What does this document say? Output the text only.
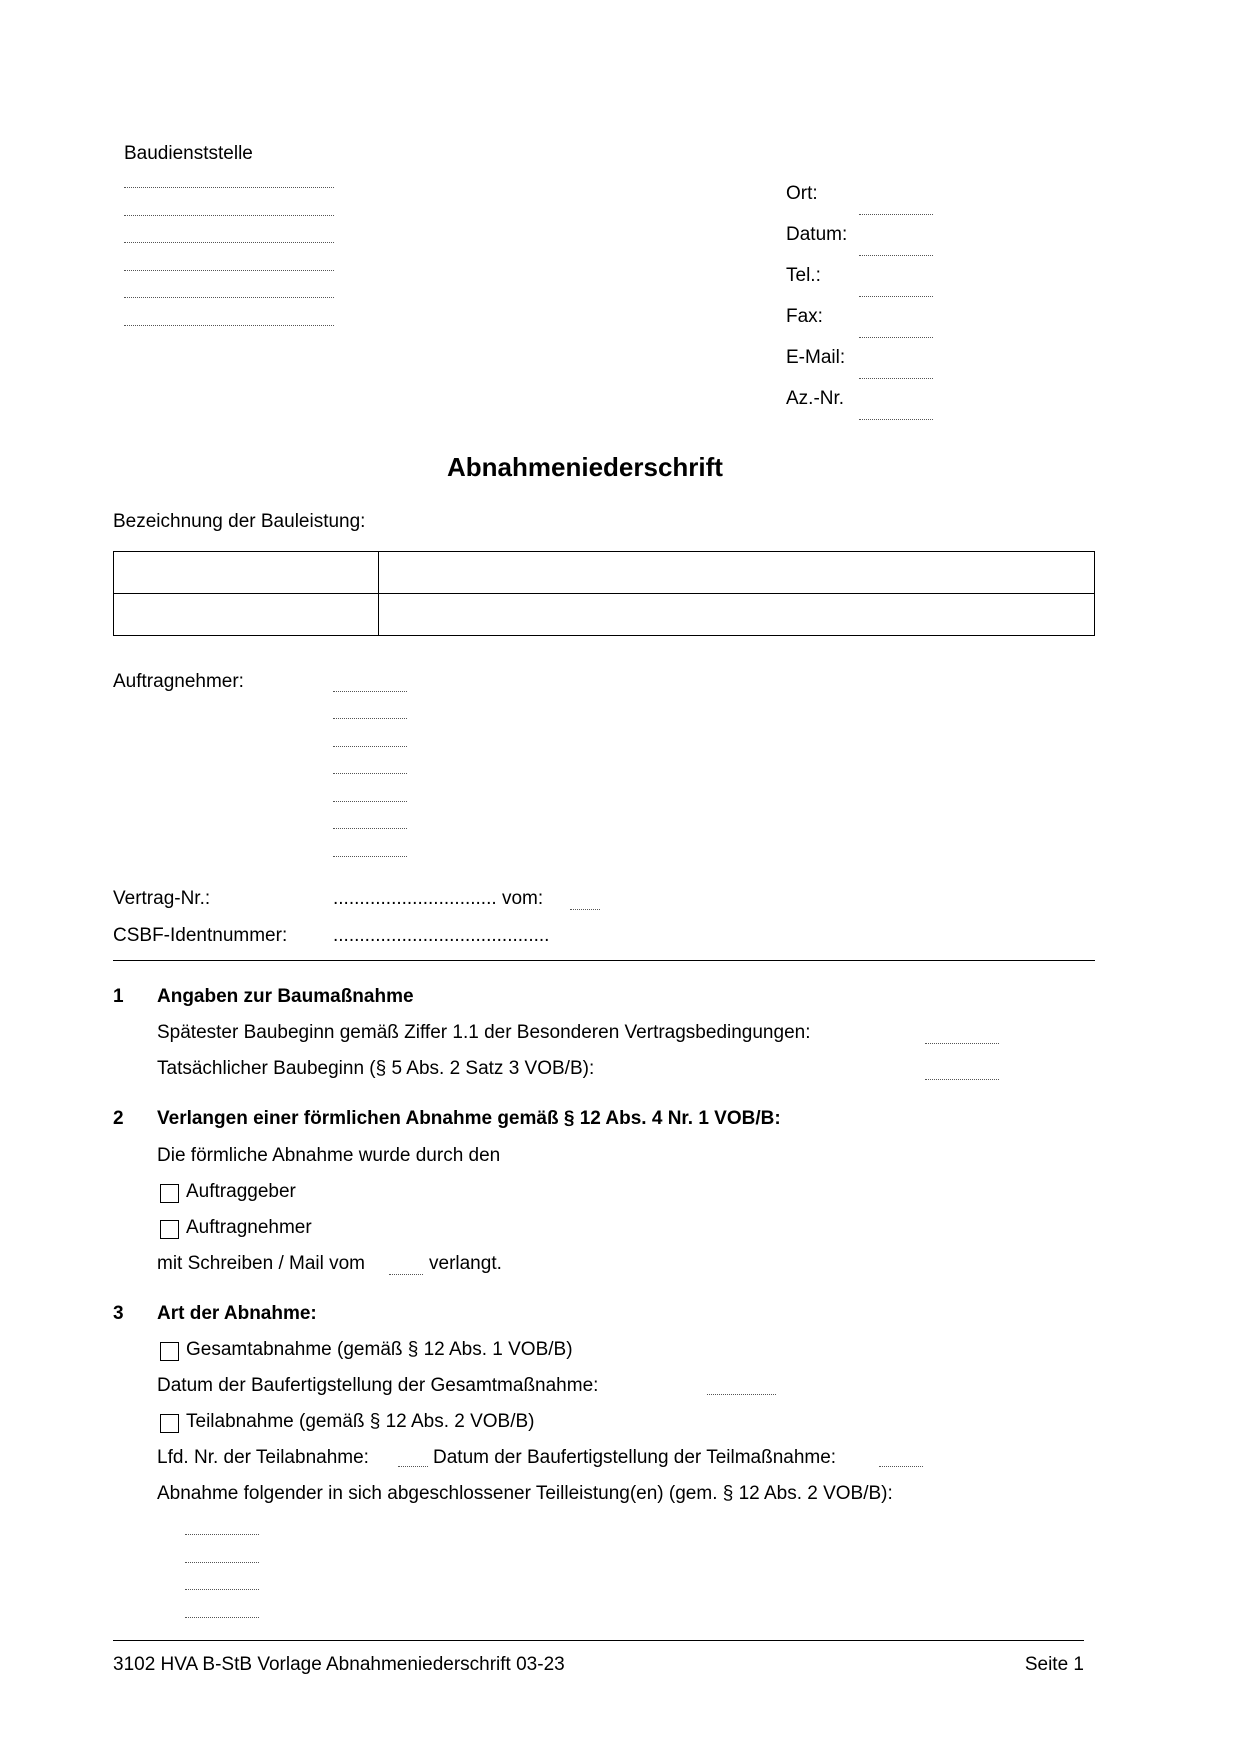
Baudienststelle
Ort:
Datum:
Tel.:
Fax:
E-Mail:
Az.-Nr.
Abnahmeniederschrift
Bezeichnung der Bauleistung:

Auftragnehmer:
Vertrag-Nr.:	............................... vom:
CSBF-Identnummer: .........................................
1 Angaben zur Baumaßnahme
Spätester Baubeginn gemäß Ziffer 1.1 der Besonderen Vertragsbedingungen:
Tatsächlicher Baubeginn (§ 5 Abs. 2 Satz 3 VOB/B):
2 Verlangen einer förmlichen Abnahme gemäß § 12 Abs. 4 Nr. 1 VOB/B:
Die förmliche Abnahme wurde durch den
Auftraggeber
Auftragnehmer
mit Schreiben / Mail vom	verlangt.
3 Art der Abnahme:
Gesamtabnahme (gemäß § 12 Abs. 1 VOB/B)
Datum der Baufertigstellung der Gesamtmaßnahme:
Teilabnahme (gemäß § 12 Abs. 2 VOB/B)
Lfd. Nr. der Teilabnahme:	Datum der Baufertigstellung der Teilmaßnahme:
Abnahme folgender in sich abgeschlossener Teilleistung(en) (gem. § 12 Abs. 2 VOB/B):
3102 HVA B-StB Vorlage Abnahmeniederschrift 03-23	Seite 1
